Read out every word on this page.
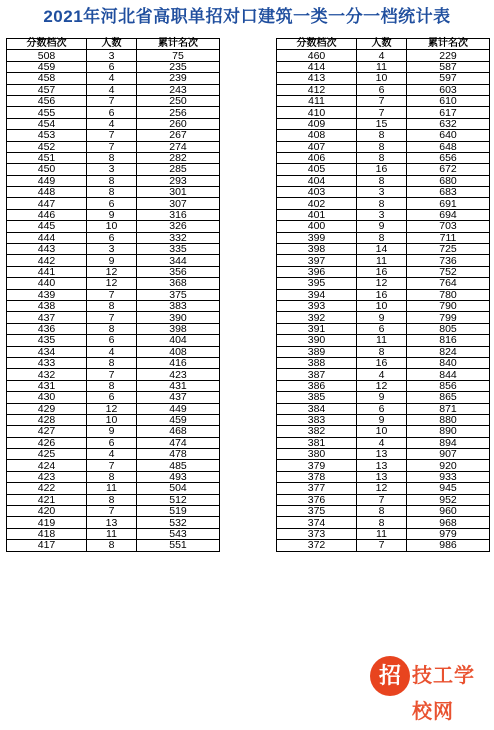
2021年河北省高职单招对口建筑一类一分一档统计表
分数档次	人数	累计名次
508	3	75
459	6	235
458	4	239
457	4	243
456	7	250
455	6	256
454	4	260
453	7	267
452	7	274
451	8	282
450	3	285
449	8	293
448	8	301
447	6	307
446	9	316
445	10	326
444	6	332
443	3	335
442	9	344
441	12	356
440	12	368
439	7	375
438	8	383
437	7	390
436	8	398
435	6	404
434	4	408
433	8	416
432	7	423
431	8	431
430	6	437
429	12	449
428	10	459
427	9	468
426	6	474
425	4	478
424	7	485
423	8	493
422	11	504
421	8	512
420	7	519
419	13	532
418	11	543
417	8	551
分数档次	人数	累计名次
460	4	229
414	11	587
413	10	597
412	6	603
411	7	610
410	7	617
409	15	632
408	8	640
407	8	648
406	8	656
405	16	672
404	8	680
403	3	683
402	8	691
401	3	694
400	9	703
399	8	711
398	14	725
397	11	736
396	16	752
395	12	764
394	16	780
393	10	790
392	9	799
391	6	805
390	11	816
389	8	824
388	16	840
387	4	844
386	12	856
385	9	865
384	6	871
383	9	880
382	10	890
381	4	894
380	13	907
379	13	920
378	13	933
377	12	945
376	7	952
375	8	960
374	8	968
373	11	979
372	7	986
招 技工学校网
